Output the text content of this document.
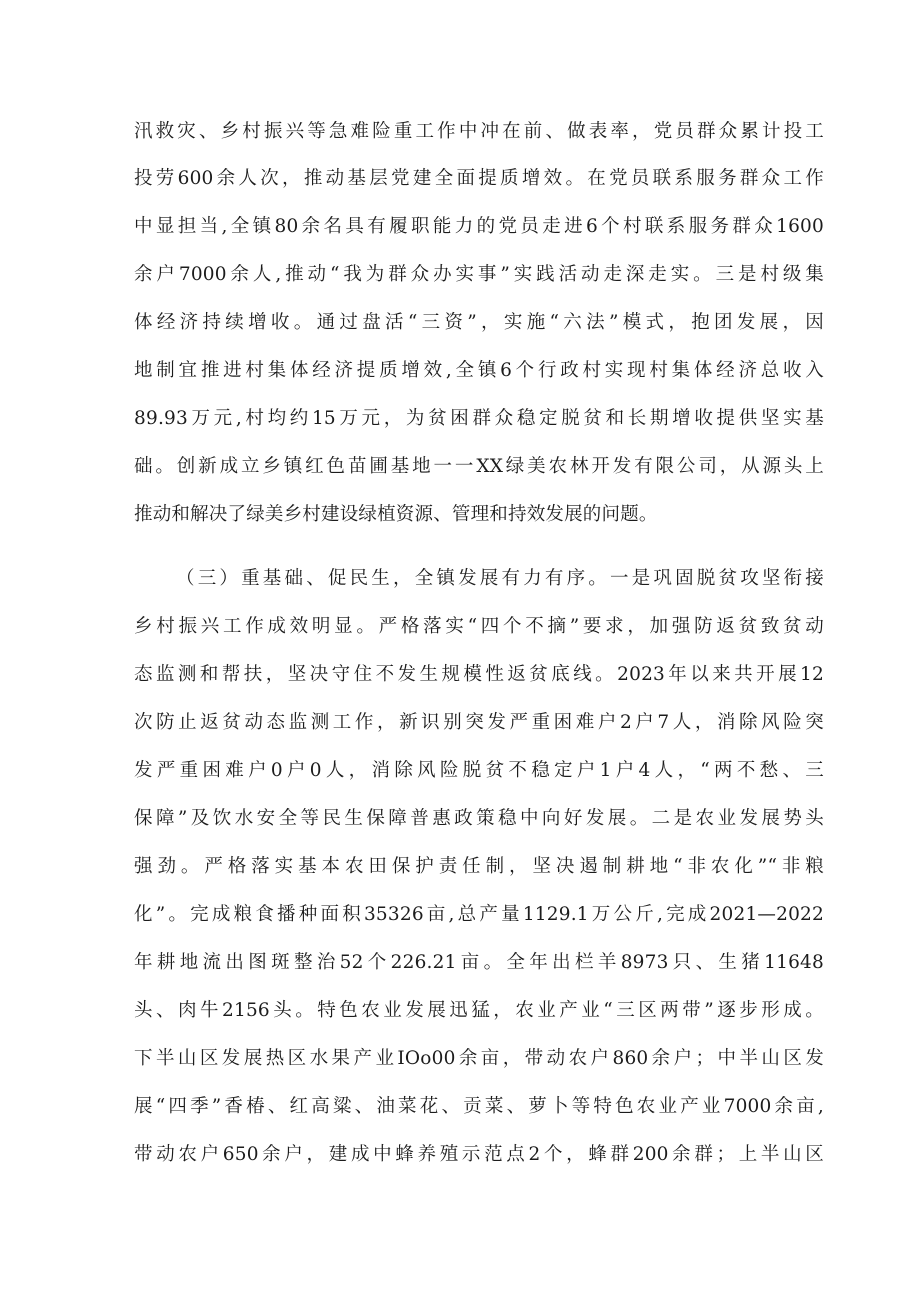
汛救灾、乡村振兴等急难险重工作中冲在前、做表率，党员群众累计投工
投劳600余人次，推动基层党建全面提质增效。在党员联系服务群众工作
中显担当,全镇80余名具有履职能力的党员走进6个村联系服务群众1600
余户7000余人,推动“我为群众办实事”实践活动走深走实。三是村级集
体经济持续增收。通过盘活“三资”，实施“六法”模式，抱团发展，因
地制宜推进村集体经济提质增效,全镇6个行政村实现村集体经济总收入
89.93万元,村均约15万元，为贫困群众稳定脱贫和长期增收提供坚实基
础。创新成立乡镇红色苗圃基地一一XX绿美农林开发有限公司，从源头上
推动和解决了绿美乡村建设绿植资源、管理和持效发展的问题。
（三）重基础、促民生，全镇发展有力有序。一是巩固脱贫攻坚衔接
乡村振兴工作成效明显。严格落实“四个不摘”要求，加强防返贫致贫动
态监测和帮扶，坚决守住不发生规模性返贫底线。2023年以来共开展12
次防止返贫动态监测工作，新识别突发严重困难户2户7人，消除风险突
发严重困难户0户0人，消除风险脱贫不稳定户1户4人，“两不愁、三
保障”及饮水安全等民生保障普惠政策稳中向好发展。二是农业发展势头
强劲。严格落实基本农田保护责任制，坚决遏制耕地“非农化”“非粮
化”。完成粮食播种面积35326亩,总产量1129.1万公斤,完成2021—2022
年耕地流出图斑整治52个226.21亩。全年出栏羊8973只、生猪11648
头、肉牛2156头。特色农业发展迅猛，农业产业“三区两带”逐步形成。
下半山区发展热区水果产业IOo00余亩，带动农户860余户；中半山区发
展“四季”香椿、红高粱、油菜花、贡菜、萝卜等特色农业产业7000余亩,
带动农户650余户，建成中蜂养殖示范点2个，蜂群200余群；上半山区
